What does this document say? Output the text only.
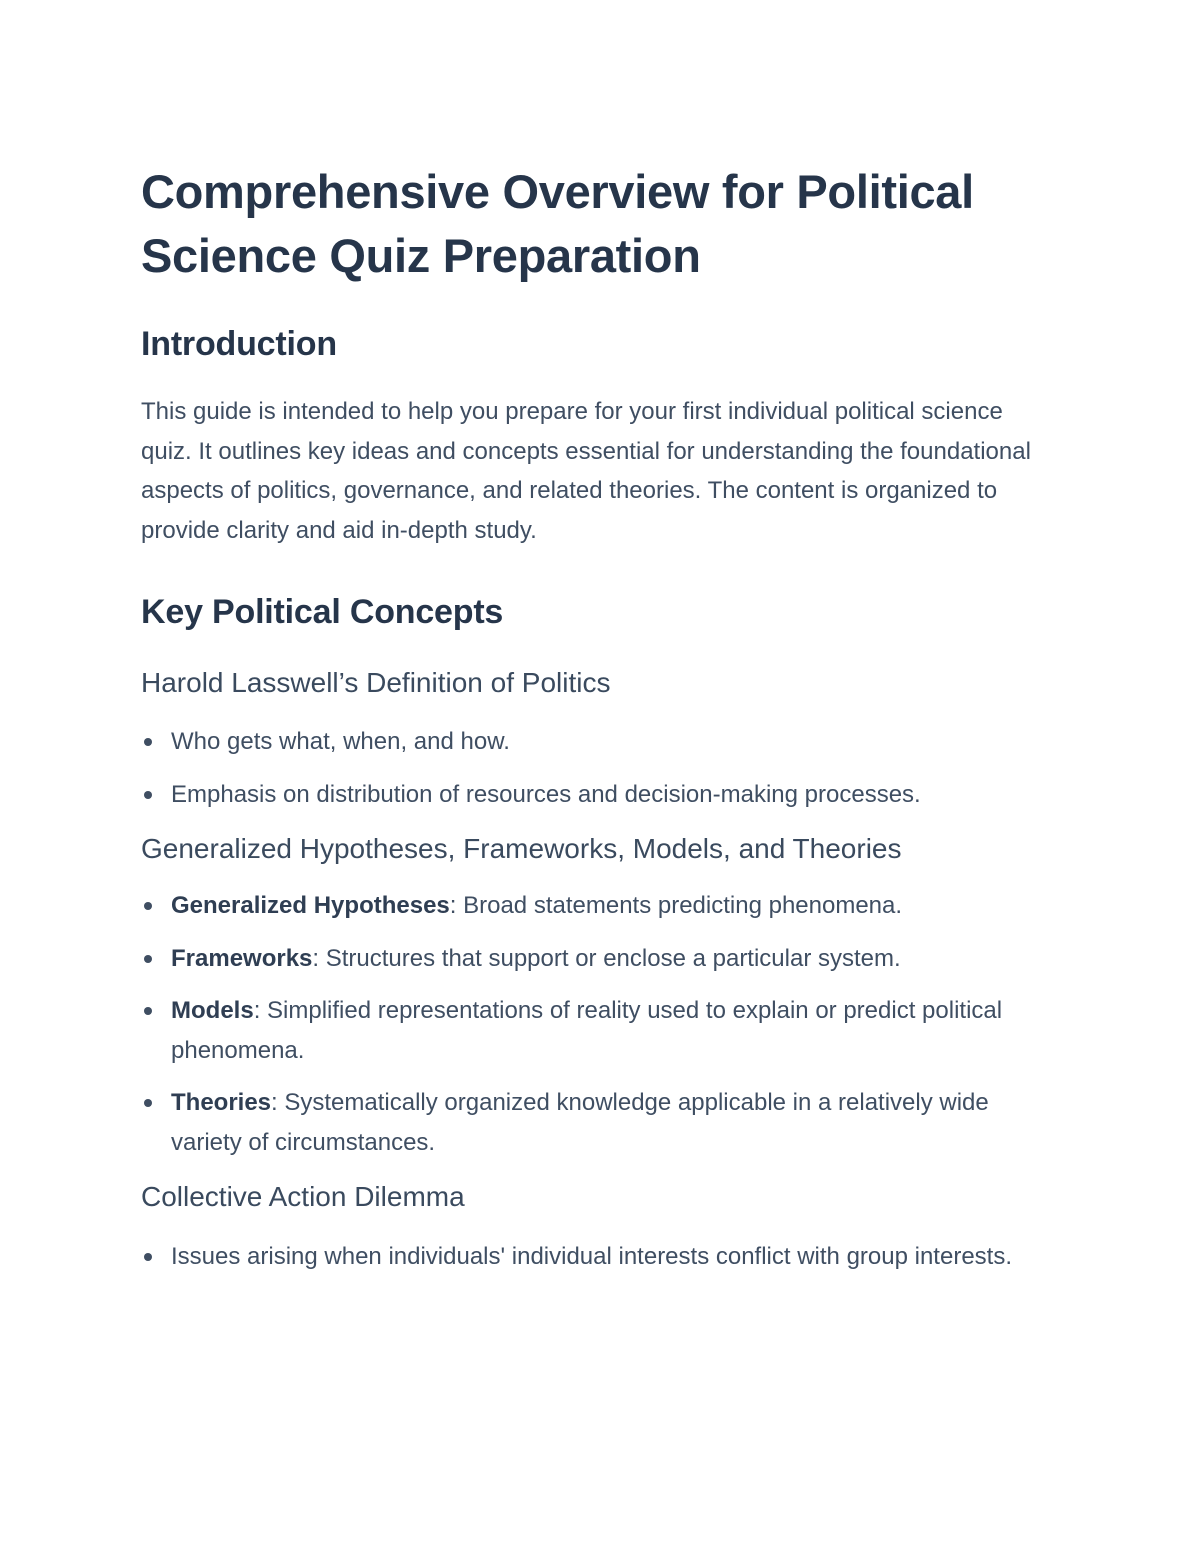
Comprehensive Overview for Political Science Quiz Preparation
Introduction

This guide is intended to help you prepare for your first individual political science quiz. It outlines key ideas and concepts essential for understanding the foundational aspects of politics, governance, and related theories. The content is organized to provide clarity and aid in-depth study.

Key Political Concepts
Harold Lasswell’s Definition of Politics
Who gets what, when, and how.
Emphasis on distribution of resources and decision-making processes.
Generalized Hypotheses, Frameworks, Models, and Theories
Generalized Hypotheses: Broad statements predicting phenomena.
Frameworks: Structures that support or enclose a particular system.
Models: Simplified representations of reality used to explain or predict political phenomena.
Theories: Systematically organized knowledge applicable in a relatively wide variety of circumstances.
Collective Action Dilemma
Issues arising when individuals' individual interests conflict with group interests.
